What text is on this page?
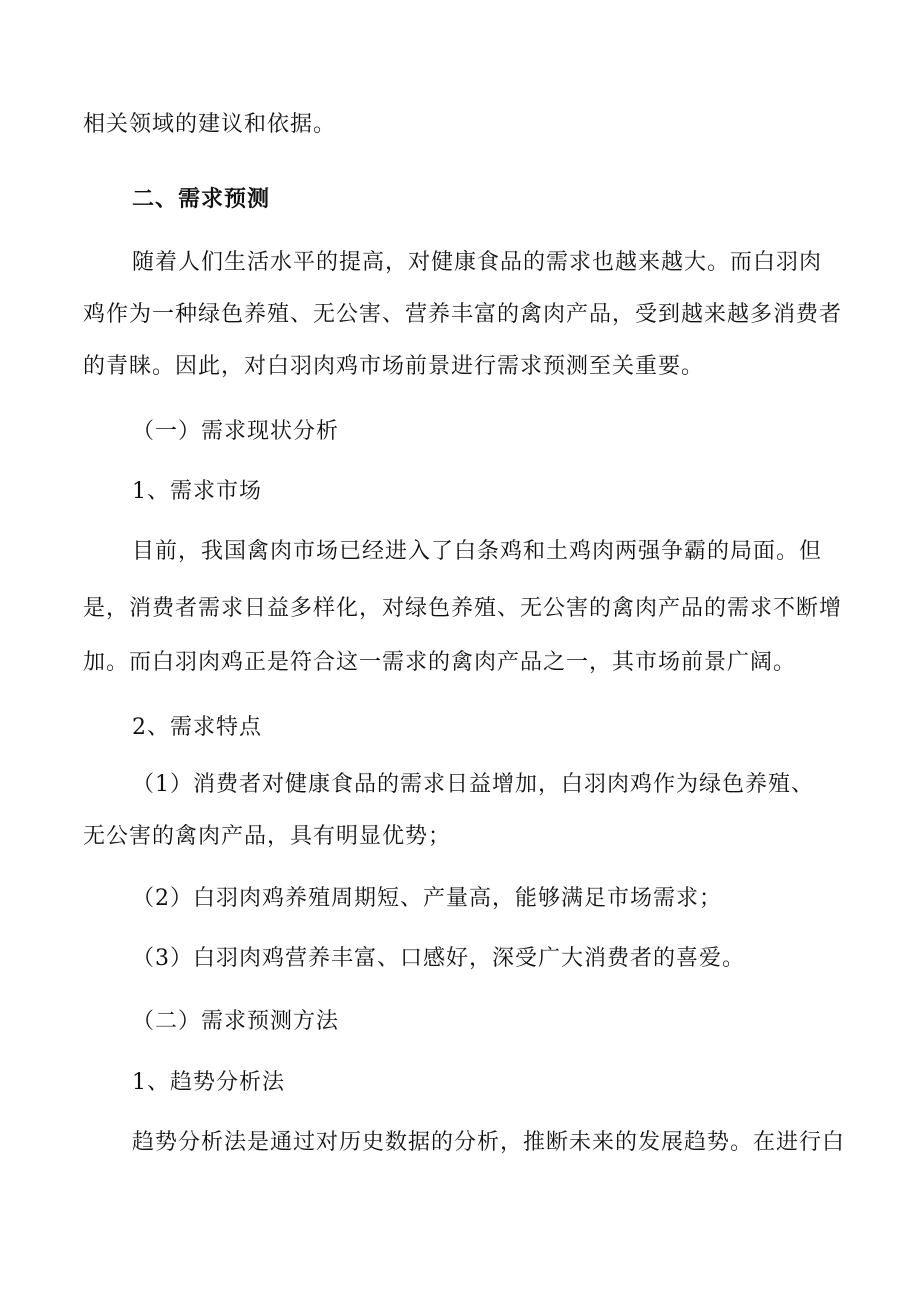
相关领域的建议和依据。
二、需求预测
随着人们生活水平的提高，对健康食品的需求也越来越大。而白羽肉
鸡作为一种绿色养殖、无公害、营养丰富的禽肉产品，受到越来越多消费者
的青睐。因此，对白羽肉鸡市场前景进行需求预测至关重要。
（一）需求现状分析
1、需求市场
目前，我国禽肉市场已经进入了白条鸡和土鸡肉两强争霸的局面。但
是，消费者需求日益多样化，对绿色养殖、无公害的禽肉产品的需求不断增
加。而白羽肉鸡正是符合这一需求的禽肉产品之一，其市场前景广阔。
2、需求特点
（1）消费者对健康食品的需求日益增加，白羽肉鸡作为绿色养殖、
无公害的禽肉产品，具有明显优势；
（2）白羽肉鸡养殖周期短、产量高，能够满足市场需求；
（3）白羽肉鸡营养丰富、口感好，深受广大消费者的喜爱。
（二）需求预测方法
1、趋势分析法
趋势分析法是通过对历史数据的分析，推断未来的发展趋势。在进行白
